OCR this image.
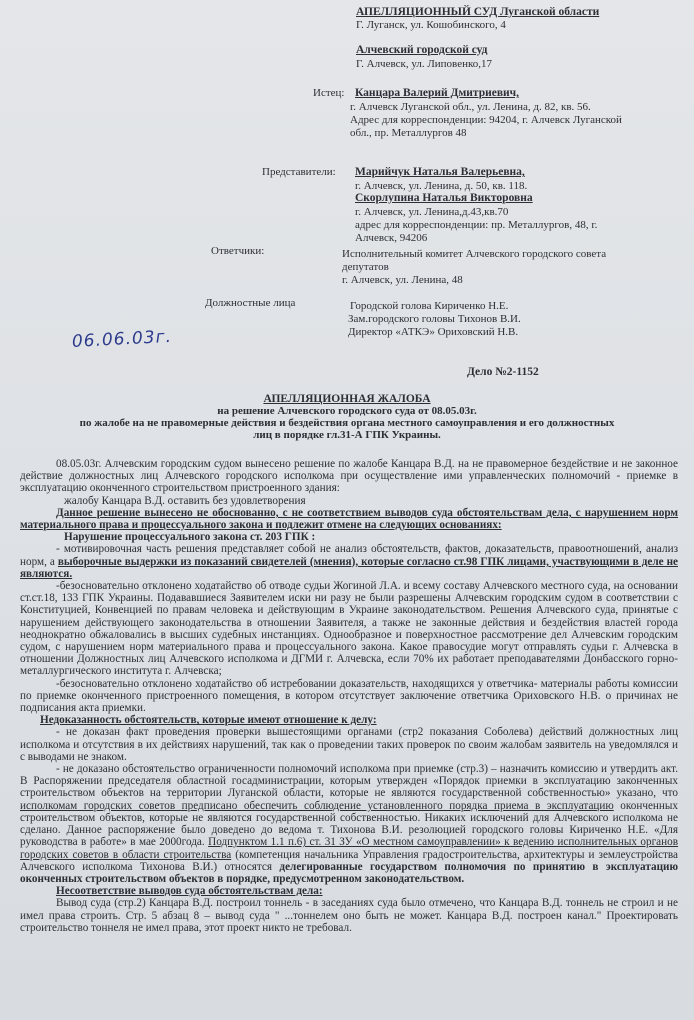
АПЕЛЛЯЦИОННЫЙ СУД Луганской области
Г. Луганск, ул. Кошобинского, 4
Алчевский городской суд
Г. Алчевск, ул. Липовенко,17
Истец: Канцара Валерий Дмитриевич,
г. Алчевск Луганской обл., ул. Ленина, д. 82, кв. 56.
Адрес для корреспонденции: 94204, г. Алчевск Луганской
обл., пр. Металлургов 48
Представители: Марийчук Наталья Валерьевна,
г. Алчевск, ул. Ленина, д. 50, кв. 118.
Скорлупина Наталья Викторовна
г. Алчевск, ул. Ленина,д.43,кв.70
адрес для корреспонденции: пр. Металлургов, 48, г.
Алчевск, 94206
Ответчики:	Исполнительный комитет Алчевского городского совета
депутатов
г. Алчевск, ул. Ленина, 48
Должностные лица	Городской голова Кириченко Н.Е.
Зам.городского головы Тихонов В.И.
Директор «АТКЭ» Ориховский Н.В.
06.06.03г.
Дело №2-1152
АПЕЛЛЯЦИОННАЯ ЖАЛОБА
на решение Алчевского городского суда от 08.05.03г.
по жалобе на не правомерные действия и бездействия органа местного самоуправления и его должностных
лиц в порядке гл.31-А ГПК Украины.

08.05.03г. Алчевским городским судом вынесено решение по жалобе Канцара В.Д. на не правомерное бездействие и не законное действие должностных лиц Алчевского городского исполкома при осуществление ими управленческих полномочий - приемке в эксплуатацию оконченного строительством пристроенного здания:

жалобу Канцара В.Д. оставить без удовлетворения

Данное решение вынесено не обоснованно, с не соответствием выводов суда обстоятельствам дела, с нарушением норм материального права и процессуального закона и подлежит отмене на следующих основаниях:

Нарушение процессуального закона ст. 203 ГПК :

- мотивировочная часть решения представляет собой не анализ обстоятельств, фактов, доказательств, правоотношений, анализ норм, а выборочные выдержки из показаний свидетелей (мнения), которые согласно ст.98 ГПК лицами, участвующими в деле не являются.

-безосновательно отклонено ходатайство об отводе судьи Жогиной Л.А. и всему составу Алчевского местного суда, на основании ст.ст.18, 133 ГПК Украины. Подававшиеся Заявителем иски ни разу не были разрешены Алчевским городским судом в соответствии с Конституцией, Конвенцией по правам человека и действующим в Украине законодательством. Решения Алчевского суда, принятые с нарушением действующего законодательства в отношении Заявителя, а также не законные действия и бездействия властей города неоднократно обжаловались в высших судебных инстанциях. Однообразное и поверхностное рассмотрение дел Алчевским городским судом, с нарушением норм материального права и процессуального закона. Какое правосудие могут отправлять судьи г. Алчевска в отношении Должностных лиц Алчевского исполкома и ДГМИ г. Алчевска, если 70% их работает преподавателями Донбасского горно-металлургического института г. Алчевска;

-безосновательно отклонено ходатайство об истребовании доказательств, находящихся у ответчика- материалы работы комиссии по приемке оконченного пристроенного помещения, в котором отсутствует заключение ответчика Ориховского Н.В. о причинах не подписания акта приемки.

Недоказанность обстоятельств, которые имеют отношение к делу:

- не доказан факт проведения проверки вышестоящими органами (стр2 показания Соболева) действий должностных лиц исполкома и отсутствия в их действиях нарушений, так как о проведении таких проверок по своим жалобам заявитель на уведомлялся и с выводами не знаком.

- не доказано обстоятельство ограниченности полномочий исполкома при приемке (стр.3) – назначить комиссию и утвердить акт. В Распоряжении председателя областной госадминистрации, которым утвержден «Порядок приемки в эксплуатацию законченных строительством объектов на территории Луганской области, которые не являются государственной собственностью» указано, что исполкомам городских советов предписано обеспечить соблюдение установленного порядка приема в эксплуатацию оконченных строительством объектов, которые не являются государственной собственностью. Никаких исключений для Алчевского исполкома не сделано. Данное распоряжение было доведено до ведома т. Тихонова В.И. резолюцией городского головы Кириченко Н.Е. «Для руководства в работе» в мае 2000года. Подпунктом 1.1 п.6) ст. 31 ЗУ «О местном самоуправлении» к ведению исполнительных органов городских советов в области строительства (компетенция начальника Управления градостроительства, архитектуры и землеустройства Алчевского исполкома Тихонова В.И.) относятся делегированные государством полномочия по принятию в эксплуатацию оконченных строительством объектов в порядке, предусмотренном законодательством.

Несоответствие выводов суда обстоятельствам дела:

Вывод суда (стр.2) Канцара В.Д. построил тоннель - в заседаниях суда было отмечено, что Канцара В.Д. тоннель не строил и не имел права строить. Стр. 5 абзац 8 – вывод суда " ...тоннелем оно быть не может. Канцара В.Д. построен канал." Проектировать строительство тоннеля не имел права, этот проект никто не требовал.
